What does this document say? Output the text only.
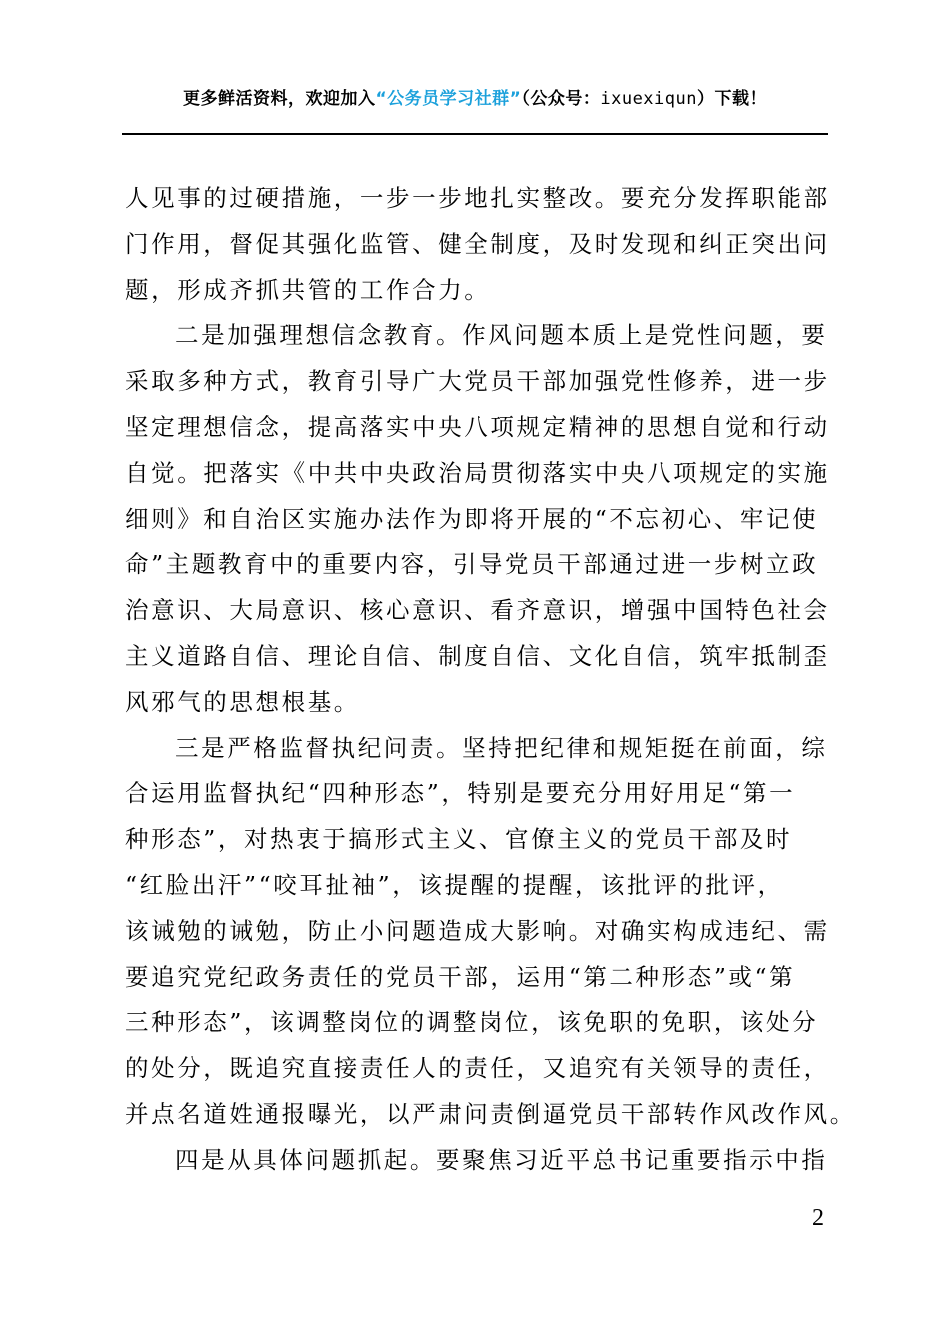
更多鲜活资料，欢迎加入“公务员学习社群”（公众号：ixuexiqun）下载！
人见事的过硬措施，一步一步地扎实整改。要充分发挥职能部
门作用，督促其强化监管、健全制度，及时发现和纠正突出问
题，形成齐抓共管的工作合力。
二是加强理想信念教育。作风问题本质上是党性问题，要
采取多种方式，教育引导广大党员干部加强党性修养，进一步
坚定理想信念，提高落实中央八项规定精神的思想自觉和行动
自觉。把落实《中共中央政治局贯彻落实中央八项规定的实施
细则》和自治区实施办法作为即将开展的“不忘初心、牢记使
命”主题教育中的重要内容，引导党员干部通过进一步树立政
治意识、大局意识、核心意识、看齐意识，增强中国特色社会
主义道路自信、理论自信、制度自信、文化自信，筑牢抵制歪
风邪气的思想根基。
三是严格监督执纪问责。坚持把纪律和规矩挺在前面，综
合运用监督执纪“四种形态”，特别是要充分用好用足“第一
种形态”，对热衷于搞形式主义、官僚主义的党员干部及时
“红脸出汗”“咬耳扯袖”，该提醒的提醒，该批评的批评，
该诫勉的诫勉，防止小问题造成大影响。对确实构成违纪、需
要追究党纪政务责任的党员干部，运用“第二种形态”或“第
三种形态”，该调整岗位的调整岗位，该免职的免职，该处分
的处分，既追究直接责任人的责任，又追究有关领导的责任，
并点名道姓通报曝光，以严肃问责倒逼党员干部转作风改作风。
四是从具体问题抓起。要聚焦习近平总书记重要指示中指
2
